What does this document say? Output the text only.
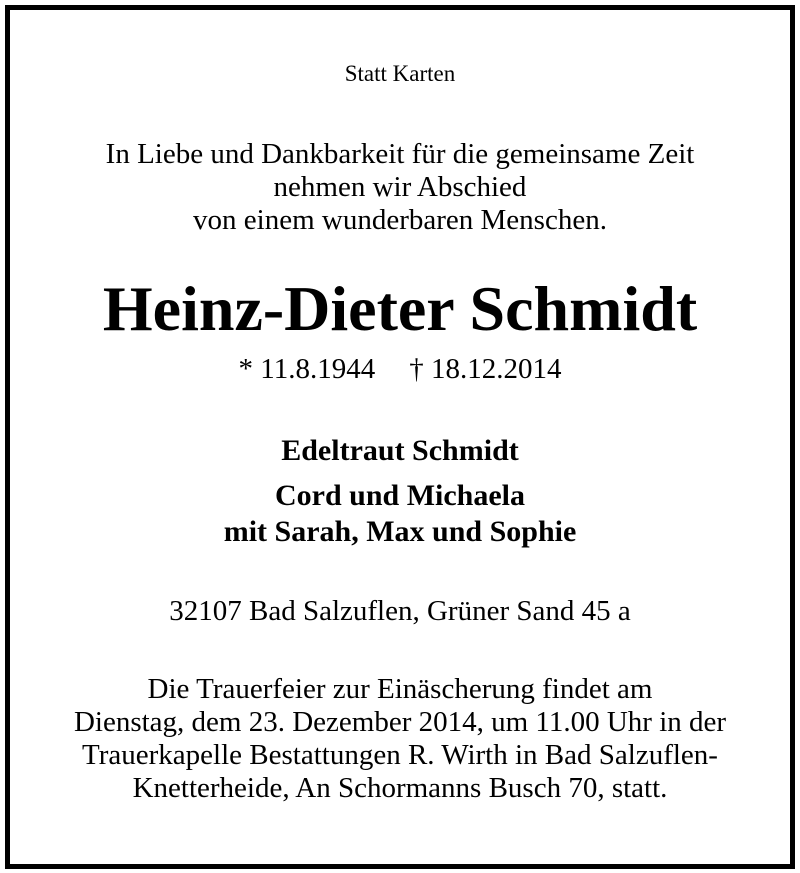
Statt Karten
In Liebe und Dankbarkeit für die gemeinsame Zeit
nehmen wir Abschied
von einem wunderbaren Menschen.
Heinz-Dieter Schmidt
* 11.8.1944 † 18.12.2014
Edeltraut Schmidt
Cord und Michaela
mit Sarah, Max und Sophie
32107 Bad Salzuflen, Grüner Sand 45 a
Die Trauerfeier zur Einäscherung findet am
Dienstag, dem 23. Dezember 2014, um 11.00 Uhr in der
Trauerkapelle Bestattungen R. Wirth in Bad Salzuflen-
Knetterheide, An Schormanns Busch 70, statt.
